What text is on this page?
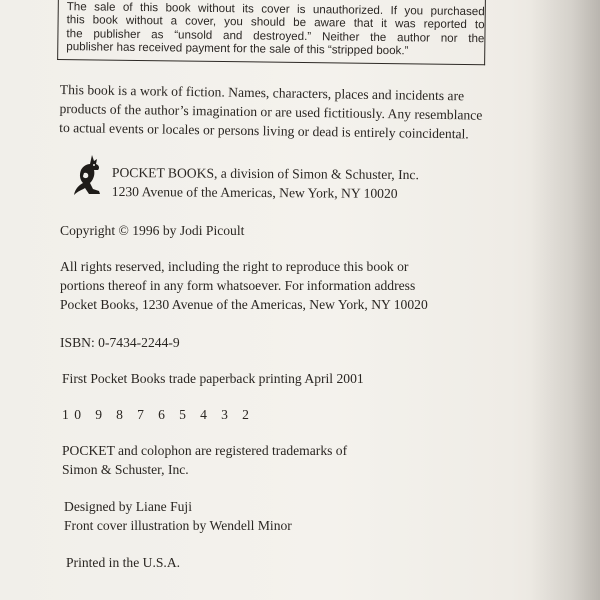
The sale of this book without its cover is unauthorized. If you purchased

this book without a cover, you should be aware that it was reported to

the publisher as “unsold and destroyed.” Neither the author nor the

publisher has received payment for the sale of this “stripped book.”

This book is a work of fiction. Names, characters, places and incidents are
products of the author’s imagination or are used fictitiously. Any resemblance
to actual events or locales or persons living or dead is entirely coincidental.
POCKET BOOKS, a division of Simon & Schuster, Inc.
1230 Avenue of the Americas, New York, NY 10020
Copyright © 1996 by Jodi Picoult
All rights reserved, including the right to reproduce this book or
portions thereof in any form whatsoever. For information address
Pocket Books, 1230 Avenue of the Americas, New York, NY 10020
ISBN: 0-7434-2244-9
First Pocket Books trade paperback printing April 2001
10 9 8 7 6 5 4 3 2
POCKET and colophon are registered trademarks of
Simon & Schuster, Inc.
Designed by Liane Fuji
Front cover illustration by Wendell Minor
Printed in the U.S.A.
